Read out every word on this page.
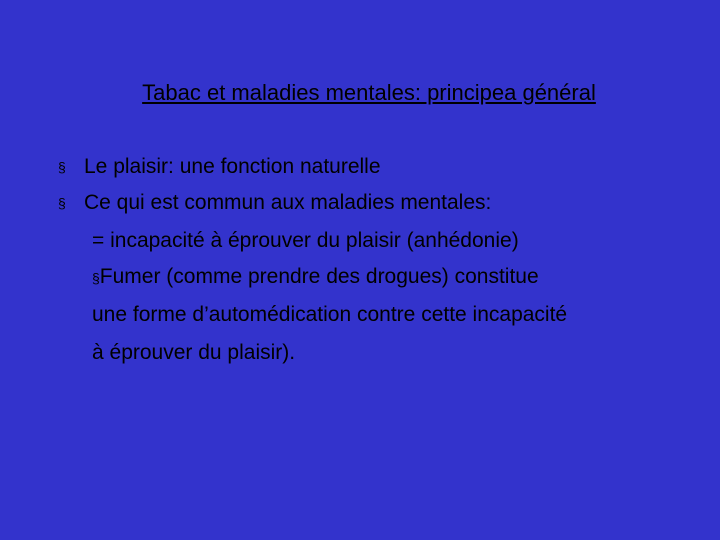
Tabac et maladies mentales: principea général
§ Le plaisir: une fonction naturelle
§ Ce qui est commun aux maladies mentales:
= incapacité à éprouver du plaisir (anhédonie)
§Fumer (comme prendre des drogues) constitue
une forme d’automédication contre cette incapacité
à éprouver du plaisir).
